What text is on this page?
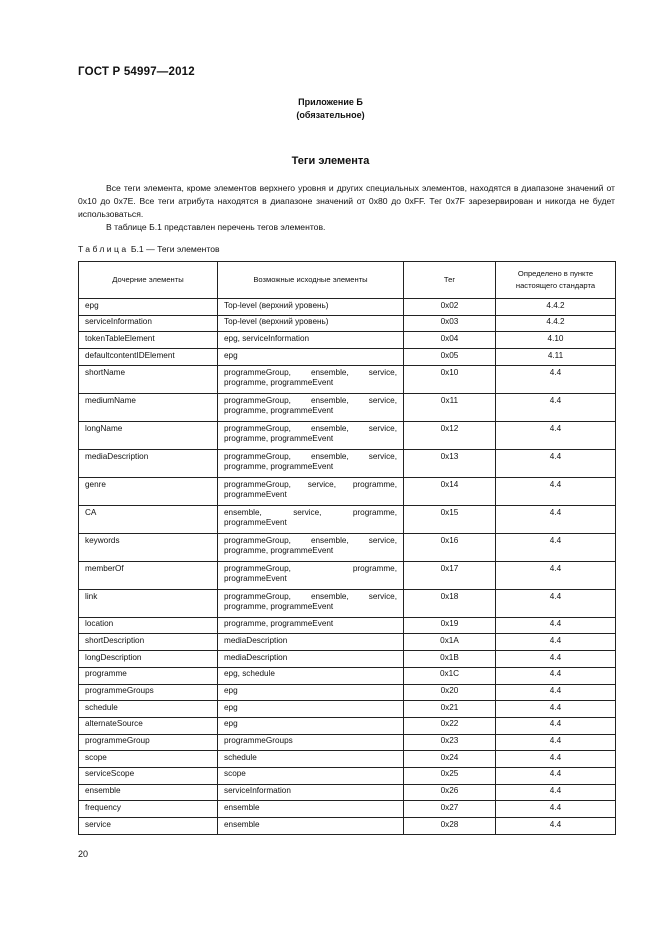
ГОСТ Р 54997—2012
Приложение Б
(обязательное)
Теги элемента

Все теги элемента, кроме элементов верхнего уровня и других специальных элементов, находятся в диапазоне значений от 0x10 до 0x7E. Все теги атрибута находятся в диапазоне значений от 0x80 до 0xFF. Тег 0x7F зарезервирован и никогда не будет использоваться.

В таблице Б.1 представлен перечень тегов элементов.

Таблица Б.1 — Теги элементов
Дочерние элементы	Возможные исходные элементы	Тег	Определено в пункте настоящего стандарта
epg	Top-level (верхний уровень)	0x02	4.4.2
serviceInformation	Top-level (верхний уровень)	0x03	4.4.2
tokenTableElement	epg, serviceInformation	0x04	4.10
defaultcontentIDElement	epg	0x05	4.11
shortName	programmeGroup, ensemble, service, programme, programmeEvent	0x10	4.4
mediumName	programmeGroup, ensemble, service, programme, programmeEvent	0x11	4.4
longName	programmeGroup, ensemble, service, programme, programmeEvent	0x12	4.4
mediaDescription	programmeGroup, ensemble, service, programme, programmeEvent	0x13	4.4
genre	programmeGroup, service, programme, programmeEvent	0x14	4.4
CA	ensemble, service, programme, programmeEvent	0x15	4.4
keywords	programmeGroup, ensemble, service, programme, programmeEvent	0x16	4.4
memberOf	programmeGroup, programme, programmeEvent	0x17	4.4
link	programmeGroup, ensemble, service, programme, programmeEvent	0x18	4.4
location	programme, programmeEvent	0x19	4.4
shortDescription	mediaDescription	0x1A	4.4
longDescription	mediaDescription	0x1B	4.4
programme	epg, schedule	0x1C	4.4
programmeGroups	epg	0x20	4.4
schedule	epg	0x21	4.4
alternateSource	epg	0x22	4.4
programmeGroup	programmeGroups	0x23	4.4
scope	schedule	0x24	4.4
serviceScope	scope	0x25	4.4
ensemble	serviceInformation	0x26	4.4
frequency	ensemble	0x27	4.4
service	ensemble	0x28	4.4
20
